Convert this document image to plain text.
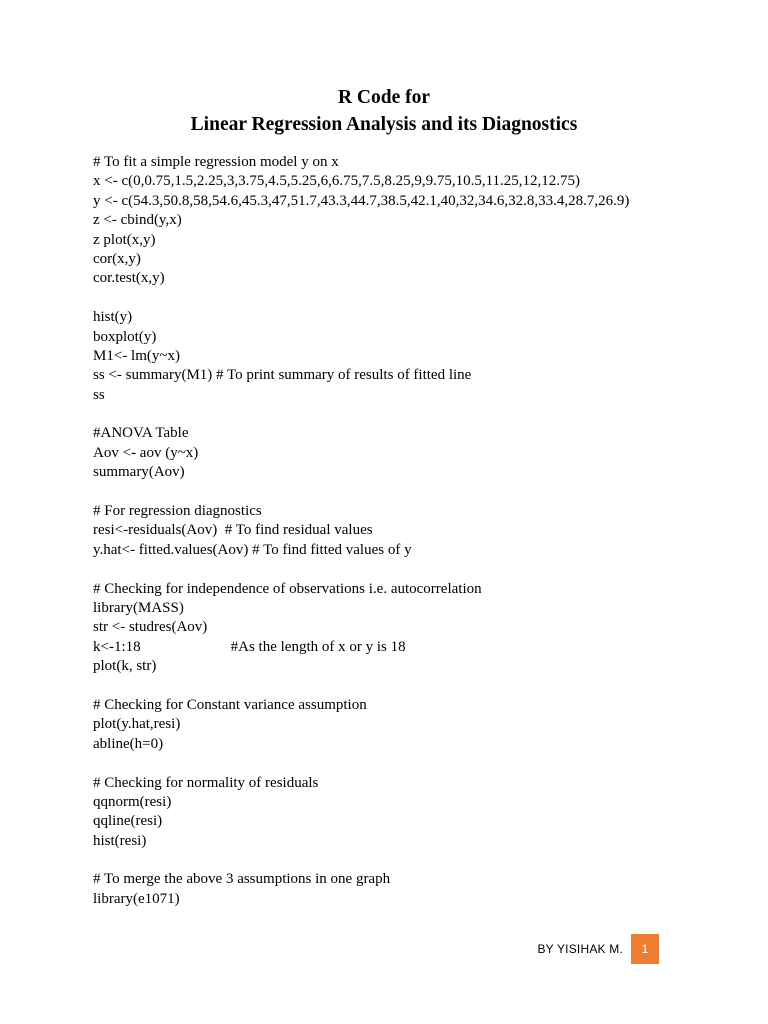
R Code for
Linear Regression Analysis and its Diagnostics
# To fit a simple regression model y on x
x <- c(0,0.75,1.5,2.25,3,3.75,4.5,5.25,6,6.75,7.5,8.25,9,9.75,10.5,11.25,12,12.75)
y <- c(54.3,50.8,58,54.6,45.3,47,51.7,43.3,44.7,38.5,42.1,40,32,34.6,32.8,33.4,28.7,26.9)
z <- cbind(y,x)
z plot(x,y)
cor(x,y)
cor.test(x,y)
hist(y)
boxplot(y)
M1<- lm(y~x)
ss <- summary(M1) # To print summary of results of fitted line
ss
#ANOVA Table
Aov <- aov (y~x)
summary(Aov)
# For regression diagnostics
resi<-residuals(Aov)  # To find residual values
y.hat<- fitted.values(Aov) # To find fitted values of y
# Checking for independence of observations i.e. autocorrelation
library(MASS)
str <- studres(Aov)
k<-1:18                        #As the length of x or y is 18
plot(k, str)
# Checking for Constant variance assumption
plot(y.hat,resi)
abline(h=0)
# Checking for normality of residuals
qqnorm(resi)
qqline(resi)
hist(resi)
# To merge the above 3 assumptions in one graph
library(e1071)
BY YISIHAK M.	1
